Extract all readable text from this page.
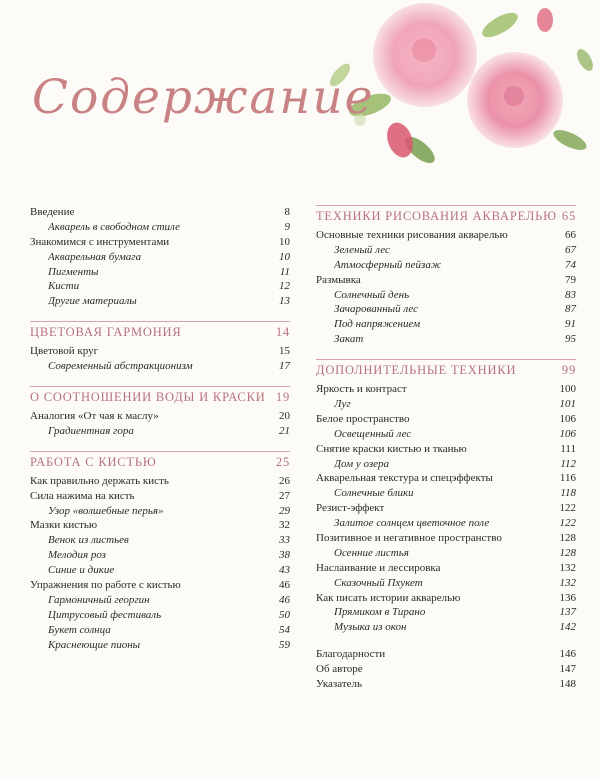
Содержание
Введение	8
Акварель в свободном стиле	9
Знакомимся с инструментами	10
Акварельная бумага	10
Пигменты	11
Кисти	12
Другие материалы	13
ЦВЕТОВАЯ ГАРМОНИЯ	14
Цветовой круг	15
Современный абстракционизм	17
О СООТНОШЕНИИ ВОДЫ И КРАСКИ 19
Аналогия «От чая к маслу»	20
Градиентная гора	21
РАБОТА С КИСТЬЮ	25
Как правильно держать кисть	26
Сила нажима на кисть	27
Узор «волшебные перья»	29
Мазки кистью	32
Венок из листьев	33
Мелодия роз	38
Синие и дикие	43
Упражнения по работе с кистью	46
Гармоничный георгин	46
Цитрусовый фестиваль	50
Букет солнца	54
Краснеющие пионы	59
ТЕХНИКИ РИСОВАНИЯ АКВАРЕЛЬЮ 65
Основные техники рисования акварелью	66
Зеленый лес	67
Атмосферный пейзаж	74
Размывка	79
Солнечный день	83
Зачарованный лес	87
Под напряжением	91
Закат	95
ДОПОЛНИТЕЛЬНЫЕ ТЕХНИКИ	99
Яркость и контраст	100
Луг	101
Белое пространство	106
Освещенный лес	106
Снятие краски кистью и тканью	111
Дом у озера	112
Акварельная текстура и спецэффекты	116
Солнечные блики	118
Резист-эффект	122
Залитое солнцем цветочное поле	122
Позитивное и негативное пространство	128
Осенние листья	128
Наслаивание и лессировка	132
Сказочный Пхукет	132
Как писать истории акварелью	136
Прямиком в Тирано	137
Музыка из окон	142
Благодарности	146
Об авторе	147
Указатель	148
